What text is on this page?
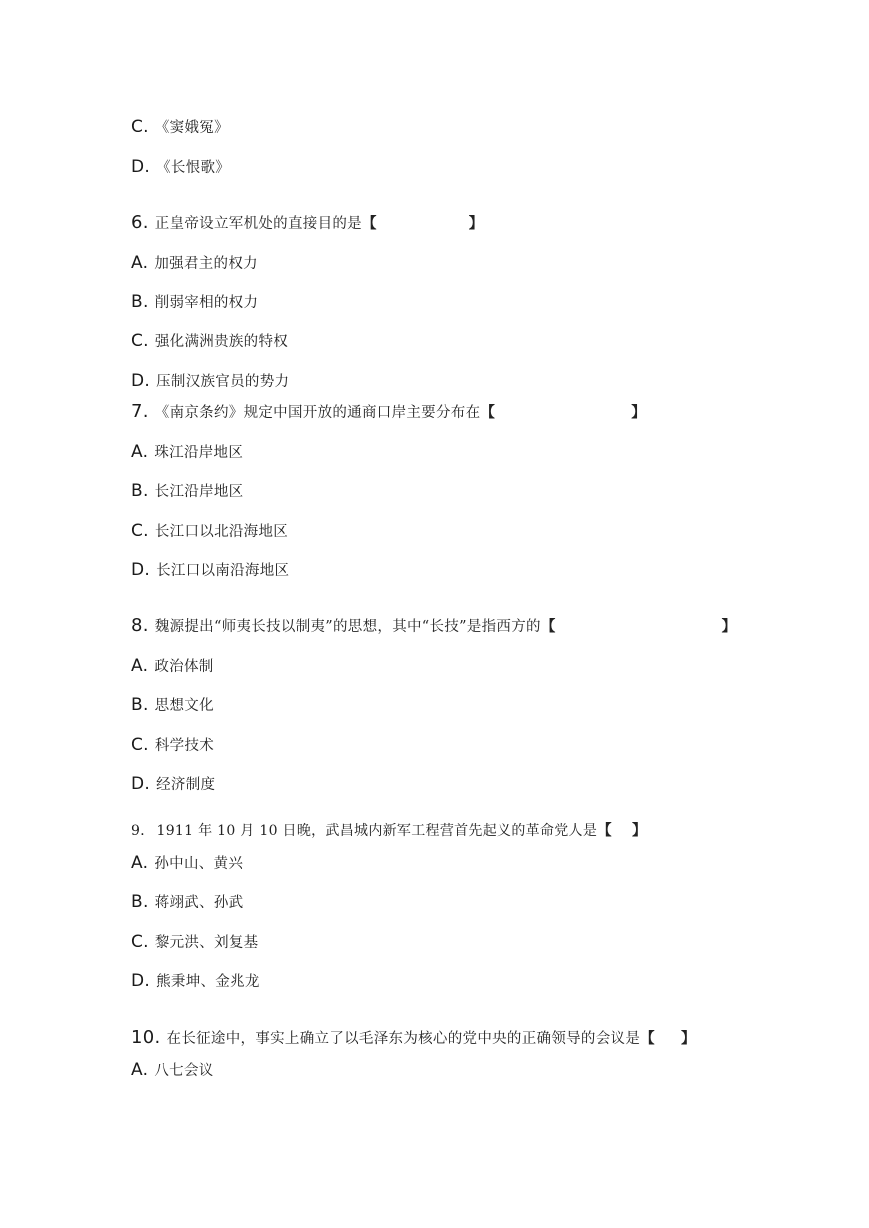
C. 《窦娥冤》
D. 《长恨歌》
6. 正皇帝设立军机处的直接目的是【	】
A. 加强君主的权力
B. 削弱宰相的权力
C. 强化满洲贵族的特权
D. 压制汉族官员的势力
7. 《南京条约》规定中国开放的通商口岸主要分布在【	】
A. 珠江沿岸地区
B. 长江沿岸地区
C. 长江口以北沿海地区
D. 长江口以南沿海地区
8. 魏源提出“师夷长技以制夷”的思想，其中“长技”是指西方的【	】
A. 政治体制
B. 思想文化
C. 科学技术
D. 经济制度
9． 1911 年 10 月 10 日晚，武昌城内新军工程营首先起义的革命党人是【 】
A. 孙中山、黄兴
B. 蒋翊武、孙武
C. 黎元洪、刘复基
D. 熊秉坤、金兆龙
10. 在长征途中，事实上确立了以毛泽东为核心的党中央的正确领导的会议是【 】
A. 八七会议
